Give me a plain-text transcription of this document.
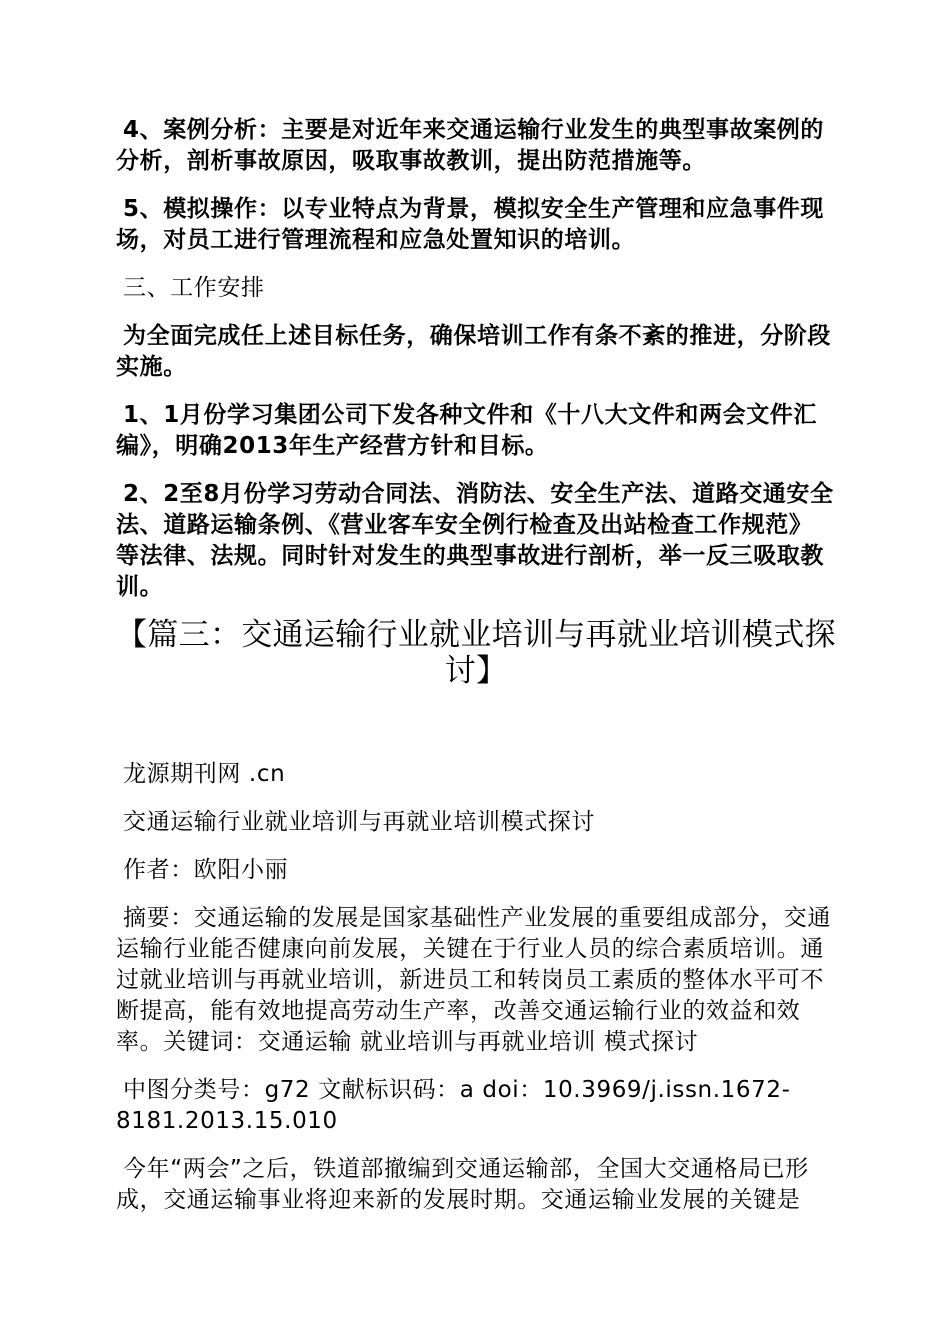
4、案例分析：主要是对近年来交通运输行业发生的典型事故案例的分析，剖析事故原因，吸取事故教训，提出防范措施等。

5、模拟操作：以专业特点为背景，模拟安全生产管理和应急事件现场，对员工进行管理流程和应急处置知识的培训。

三、工作安排

为全面完成任上述目标任务，确保培训工作有条不紊的推进，分阶段实施。

1、1月份学习集团公司下发各种文件和《十八大文件和两会文件汇编》，明确2013年生产经营方针和目标。

2、2至8月份学习劳动合同法、消防法、安全生产法、道路交通安全法、道路运输条例、《营业客车安全例行检查及出站检查工作规范》等法律、法规。同时针对发生的典型事故进行剖析，举一反三吸取教训。

【篇三：交通运输行业就业培训与再就业培训模式探讨】

龙源期刊网 .cn

交通运输行业就业培训与再就业培训模式探讨

作者：欧阳小丽

摘要：交通运输的发展是国家基础性产业发展的重要组成部分，交通运输行业能否健康向前发展，关键在于行业人员的综合素质培训。通过就业培训与再就业培训，新进员工和转岗员工素质的整体水平可不断提高，能有效地提高劳动生产率，改善交通运输行业的效益和效率。关键词：交通运输 就业培训与再就业培训 模式探讨

中图分类号：g72 文献标识码：a doi：10.3969/j.issn.1672-8181.2013.15.010

今年“两会”之后，铁道部撤编到交通运输部，全国大交通格局已形成，交通运输事业将迎来新的发展时期。交通运输业发展的关键是
